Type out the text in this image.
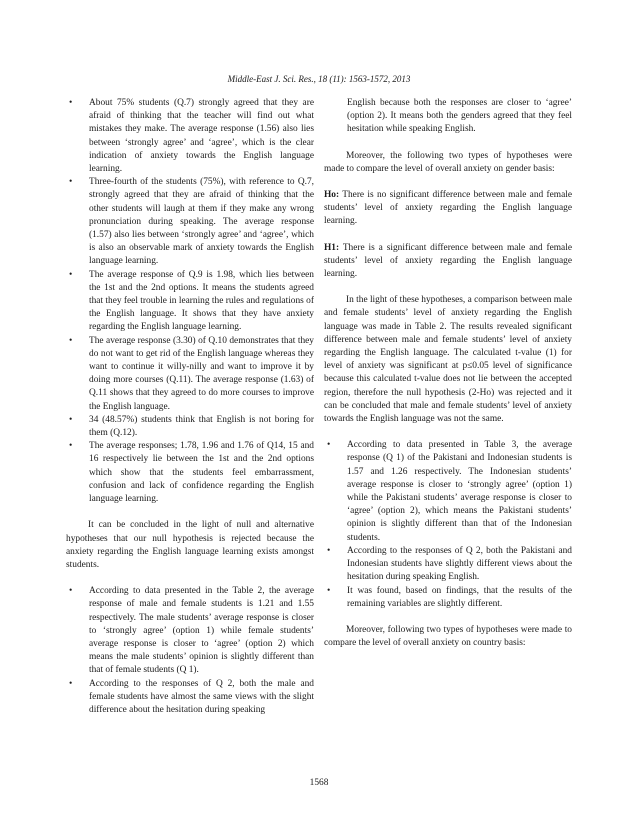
Middle-East J. Sci. Res., 18 (11): 1563-1572, 2013
• About 75% students (Q.7) strongly agreed that they are afraid of thinking that the teacher will find out what mistakes they make. The average response (1.56) also lies between ‘strongly agree’ and ‘agree’, which is the clear indication of anxiety towards the English language learning.
• Three-fourth of the students (75%), with reference to Q.7, strongly agreed that they are afraid of thinking that the other students will laugh at them if they make any wrong pronunciation during speaking. The average response (1.57) also lies between ‘strongly agree’ and ‘agree’, which is also an observable mark of anxiety towards the English language learning.
• The average response of Q.9 is 1.98, which lies between the 1st and the 2nd options. It means the students agreed that they feel trouble in learning the rules and regulations of the English language. It shows that they have anxiety regarding the English language learning.
• The average response (3.30) of Q.10 demonstrates that they do not want to get rid of the English language whereas they want to continue it willy-nilly and want to improve it by doing more courses (Q.11). The average response (1.63) of Q.11 shows that they agreed to do more courses to improve the English language.
• 34 (48.57%) students think that English is not boring for them (Q.12).
• The average responses; 1.78, 1.96 and 1.76 of Q14, 15 and 16 respectively lie between the 1st and the 2nd options which show that the students feel embarrassment, confusion and lack of confidence regarding the English language learning.

It can be concluded in the light of null and alternative hypotheses that our null hypothesis is rejected because the anxiety regarding the English language learning exists amongst students.

• According to data presented in the Table 2, the average response of male and female students is 1.21 and 1.55 respectively. The male students’ average response is closer to ‘strongly agree’ (option 1) while female students’ average response is closer to ‘agree’ (option 2) which means the male students’ opinion is slightly different than that of female students (Q 1).
• According to the responses of Q 2, both the male and female students have almost the same views with the slight difference about the hesitation during speaking

English because both the responses are closer to ‘agree’ (option 2). It means both the genders agreed that they feel hesitation while speaking English.

Moreover, the following two types of hypotheses were made to compare the level of overall anxiety on gender basis:

Ho: There is no significant difference between male and female students’ level of anxiety regarding the English language learning.

H1: There is a significant difference between male and female students’ level of anxiety regarding the English language learning.

In the light of these hypotheses, a comparison between male and female students’ level of anxiety regarding the English language was made in Table 2. The results revealed significant difference between male and female students’ level of anxiety regarding the English language. The calculated t-value (1) for level of anxiety was significant at p≤0.05 level of significance because this calculated t-value does not lie between the accepted region, therefore the null hypothesis (2-Ho) was rejected and it can be concluded that male and female students’ level of anxiety towards the English language was not the same.

• According to data presented in Table 3, the average response (Q 1) of the Pakistani and Indonesian students is 1.57 and 1.26 respectively. The Indonesian students’ average response is closer to ‘strongly agree’ (option 1) while the Pakistani students’ average response is closer to ‘agree’ (option 2), which means the Pakistani students’ opinion is slightly different than that of the Indonesian students.
• According to the responses of Q 2, both the Pakistani and Indonesian students have slightly different views about the hesitation during speaking English.
• It was found, based on findings, that the results of the remaining variables are slightly different.

Moreover, following two types of hypotheses were made to compare the level of overall anxiety on country basis:

1568
